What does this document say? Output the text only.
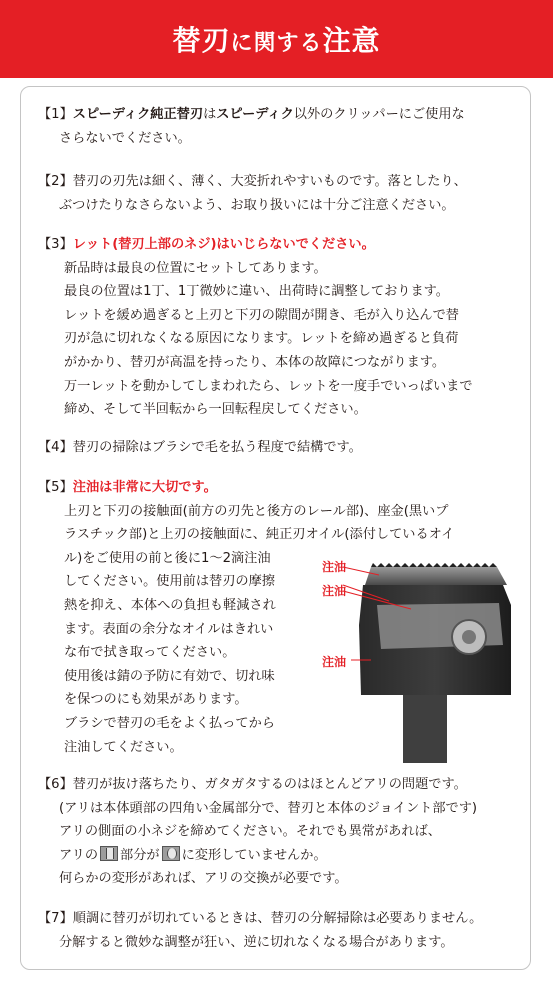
替刃に関する注意
【1】スピーディク純正替刃はスピーディク以外のクリッパーにご使用な
さらないでください。
【2】替刃の刃先は細く、薄く、大変折れやすいものです。落としたり、
ぶつけたりなさらないよう、お取り扱いには十分ご注意ください。
【3】レット(替刃上部のネジ)はいじらないでください。
新品時は最良の位置にセットしてあります。
最良の位置は1丁、1丁微妙に違い、出荷時に調整しております。
レットを緩め過ぎると上刃と下刃の隙間が開き、毛が入り込んで替
刃が急に切れなくなる原因になります。レットを締め過ぎると負荷
がかかり、替刃が高温を持ったり、本体の故障につながります。
万一レットを動かしてしまわれたら、レットを一度手でいっぱいまで
締め、そして半回転から一回転程戻してください。
【4】替刃の掃除はブラシで毛を払う程度で結構です。
【5】注油は非常に大切です。
上刃と下刃の接触面(前方の刃先と後方のレール部)、座金(黒いプ
ラスチック部)と上刃の接触面に、純正刃オイル(添付しているオイ
ル)をご使用の前と後に1〜2滴注油
してください。使用前は替刃の摩擦
熱を抑え、本体への負担も軽減され
ます。表面の余分なオイルはきれい
な布で拭き取ってください。
使用後は錆の予防に有効で、切れ味
を保つのにも効果があります。
ブラシで替刃の毛をよく払ってから
注油してください。
注油
注油
注油
【6】替刃が抜け落ちたり、ガタガタするのはほとんどアリの問題です。
(アリは本体頭部の四角い金属部分で、替刃と本体のジョイント部です)
アリの側面の小ネジを締めてください。それでも異常があれば、
アリの 部分が に変形していませんか。
何らかの変形があれば、アリの交換が必要です。
【7】順調に替刃が切れているときは、替刃の分解掃除は必要ありません。
分解すると微妙な調整が狂い、逆に切れなくなる場合があります。
